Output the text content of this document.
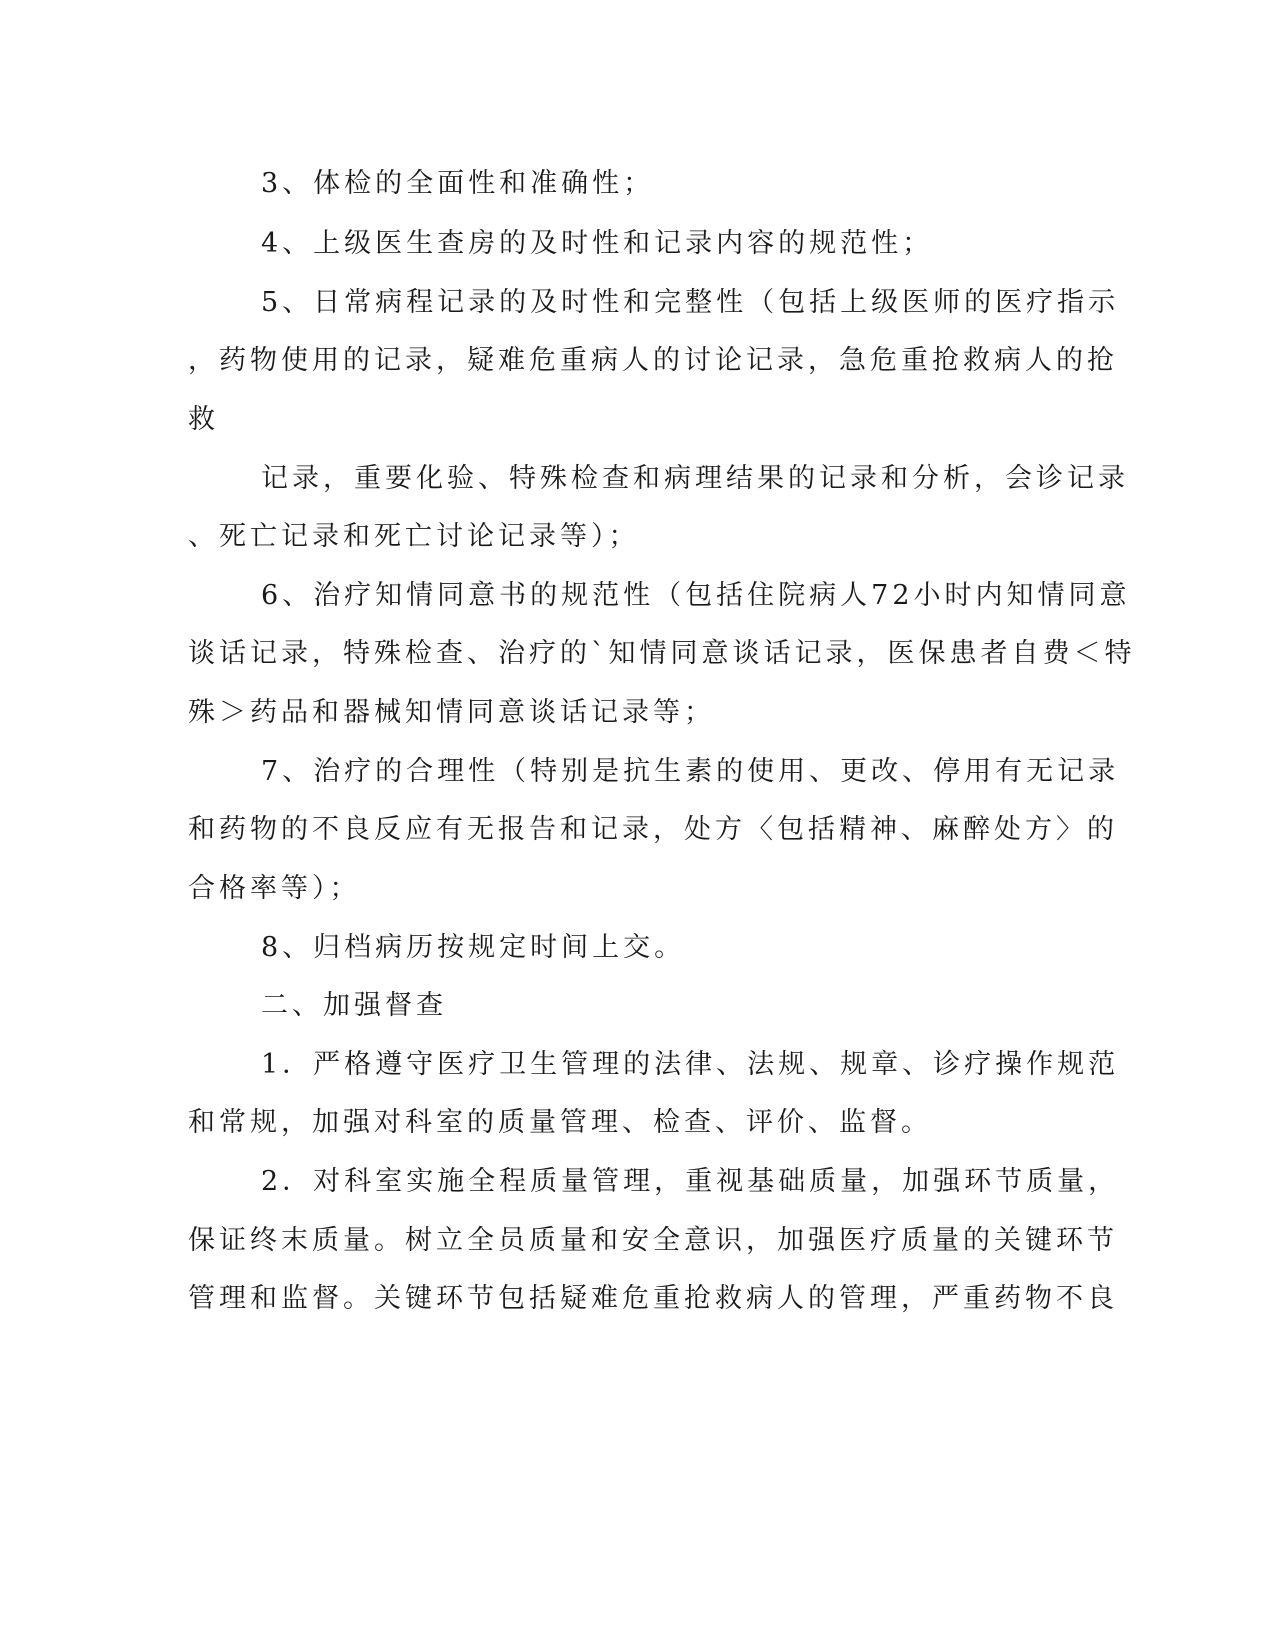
3、体检的全面性和准确性；
4、上级医生查房的及时性和记录内容的规范性；
5、日常病程记录的及时性和完整性（包括上级医师的医疗指示
，药物使用的记录，疑难危重病人的讨论记录，急危重抢救病人的抢
救
记录，重要化验、特殊检查和病理结果的记录和分析，会诊记录
、死亡记录和死亡讨论记录等）；
6、治疗知情同意书的规范性（包括住院病人72小时内知情同意
谈话记录，特殊检查、治疗的`知情同意谈话记录，医保患者自费＜特
殊＞药品和器械知情同意谈话记录等；
7、治疗的合理性（特别是抗生素的使用、更改、停用有无记录
和药物的不良反应有无报告和记录，处方〈包括精神、麻醉处方〉的
合格率等）；
8、归档病历按规定时间上交。
二、加强督查
1．严格遵守医疗卫生管理的法律、法规、规章、诊疗操作规范
和常规，加强对科室的质量管理、检查、评价、监督。
2．对科室实施全程质量管理，重视基础质量，加强环节质量，
保证终末质量。树立全员质量和安全意识，加强医疗质量的关键环节
管理和监督。关键环节包括疑难危重抢救病人的管理，严重药物不良
